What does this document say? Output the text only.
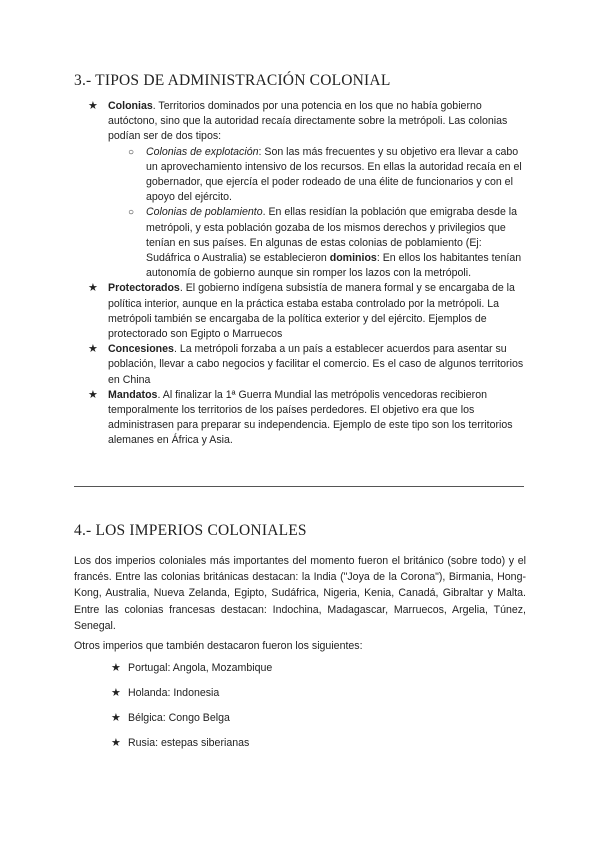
3.- TIPOS DE ADMINISTRACIÓN COLONIAL
★ Colonias. Territorios dominados por una potencia en los que no había gobierno autóctono, sino que la autoridad recaía directamente sobre la metrópoli. Las colonias podían ser de dos tipos:

○ Colonias de explotación: Son las más frecuentes y su objetivo era llevar a cabo un aprovechamiento intensivo de los recursos. En ellas la autoridad recaía en el gobernador, que ejercía el poder rodeado de una élite de funcionarios y con el apoyo del ejército.
○ Colonias de poblamiento. En ellas residían la población que emigraba desde la metrópoli, y esta población gozaba de los mismos derechos y privilegios que tenían en sus países. En algunas de estas colonias de poblamiento (Ej: Sudáfrica o Australia) se establecieron dominios: En ellos los habitantes tenían autonomía de gobierno aunque sin romper los lazos con la metrópoli.
★ Protectorados. El gobierno indígena subsistía de manera formal y se encargaba de la política interior, aunque en la práctica estaba estaba controlado por la metrópoli. La metrópoli también se encargaba de la política exterior y del ejército. Ejemplos de protectorado son Egipto o Marruecos

★ Concesiones. La metrópoli forzaba a un país a establecer acuerdos para asentar su población, llevar a cabo negocios y facilitar el comercio. Es el caso de algunos territorios en China

★ Mandatos. Al finalizar la 1ª Guerra Mundial las metrópolis vencedoras recibieron temporalmente los territorios de los países perdedores. El objetivo era que los administrasen para preparar su independencia. Ejemplo de este tipo son los territorios alemanes en África y Asia.

4.- LOS IMPERIOS COLONIALES

Los dos imperios coloniales más importantes del momento fueron el británico (sobre todo) y el francés. Entre las colonias británicas destacan: la India ("Joya de la Corona"), Birmania, Hong-Kong, Australia, Nueva Zelanda, Egipto, Sudáfrica, Nigeria, Kenia, Canadá, Gibraltar y Malta. Entre las colonias francesas destacan: Indochina, Madagascar, Marruecos, Argelia, Túnez, Senegal.

Otros imperios que también destacaron fueron los siguientes:

★ Portugal: Angola, Mozambique
★ Holanda: Indonesia
★ Bélgica: Congo Belga
★ Rusia: estepas siberianas
